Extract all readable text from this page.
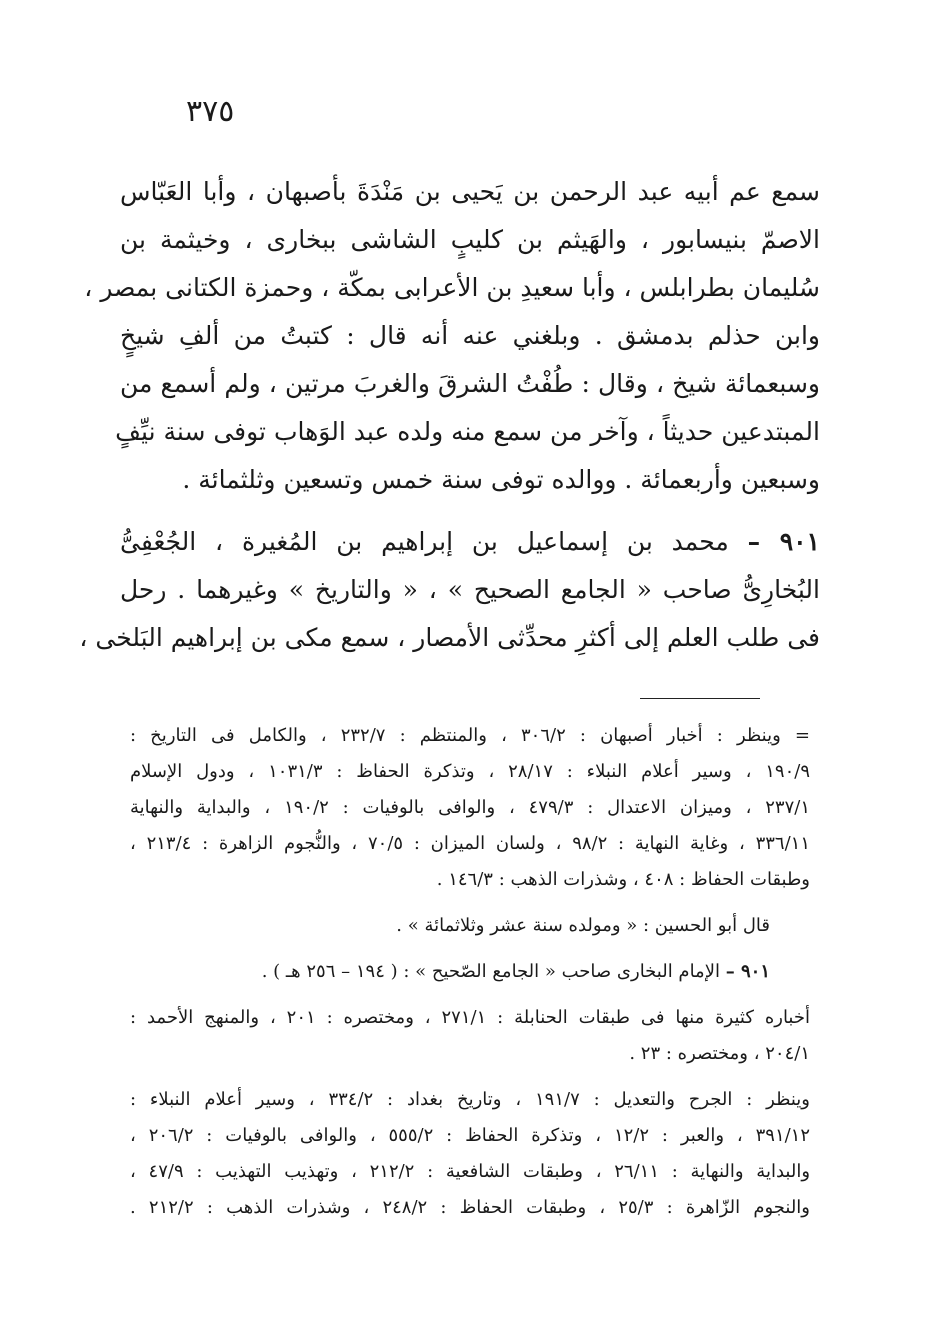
٣٧٥
سمع عم أبيه عبد الرحمن بن يَحيى بن مَنْدَةَ بأصبهان ، وأبا العَبّاس
الاصمّ بنيسابور ، والهَيثم بن كليبٍ الشاشى ببخارى ، وخيثمة بن
سُليمان بطرابلس ، وأبا سعيدِ بن الأعرابى بمكّة ، وحمزة الكتانى بمصر ،
وابن حذلم بدمشق . وبلغني عنه أنه قال : كتبتُ من ألفِ شيخٍ
وسبعمائة شيخ ، وقال : طُفْتُ الشرقَ والغربَ مرتين ، ولم أسمع من
المبتدعين حديثاً ، وآخر من سمع منه ولده عبد الوَهاب توفى سنة نيِّفٍ
وسبعين وأربعمائة . ووالده توفى سنة خمس وتسعين وثلثمائة .
٩٠١ – محمد بن إسماعيل بن إبراهيم بن المُغيرة ، الجُعْفِىُّ
البُخارِىُّ صاحب « الجامع الصحيح » ، « والتاريخ » وغيرهما . رحل
فى طلب العلم إلى أكثرِ محدِّثى الأمصار ، سمع مكى بن إبراهيم البَلخى ،
= وينظر : أخبار أصبهان : ٣٠٦/٢ ، والمنتظم : ٢٣٢/٧ ، والكامل فى التاريخ :
١٩٠/٩ ، وسير أعلام النبلاء : ٢٨/١٧ ، وتذكرة الحفاظ : ١٠٣١/٣ ، ودول الإسلام
٢٣٧/١ ، وميزان الاعتدال : ٤٧٩/٣ ، والوافى بالوفيات : ١٩٠/٢ ، والبداية والنهاية
٣٣٦/١١ ، وغاية النهاية : ٩٨/٢ ، ولسان الميزان : ٧٠/٥ ، والنُّجوم الزاهرة : ٢١٣/٤ ،
وطبقات الحفاظ : ٤٠٨ ، وشذرات الذهب : ١٤٦/٣ .
قال أبو الحسين : « ومولده سنة عشر وثلاثمائة » .
٩٠١ – الإمام البخارى صاحب « الجامع الصّحيح » : ( ١٩٤ – ٢٥٦ هـ ) .
أخباره كثيرة منها فى طبقات الحنابلة : ٢٧١/١ ، ومختصره : ٢٠١ ، والمنهج الأحمد :
٢٠٤/١ ، ومختصره : ٢٣ .
وينظر : الجرح والتعديل : ١٩١/٧ ، وتاريخ بغداد : ٣٣٤/٢ ، وسير أعلام النبلاء :
٣٩١/١٢ ، والعبر : ١٢/٢ ، وتذكرة الحفاظ : ٥٥٥/٢ ، والوافى بالوفيات : ٢٠٦/٢ ،
والبداية والنهاية : ٢٦/١١ ، وطبقات الشافعية : ٢١٢/٢ ، وتهذيب التهذيب : ٤٧/٩ ،
والنجوم الزّاهرة : ٢٥/٣ ، وطبقات الحفاظ : ٢٤٨/٢ ، وشذرات الذهب : ٢١٢/٢ .
